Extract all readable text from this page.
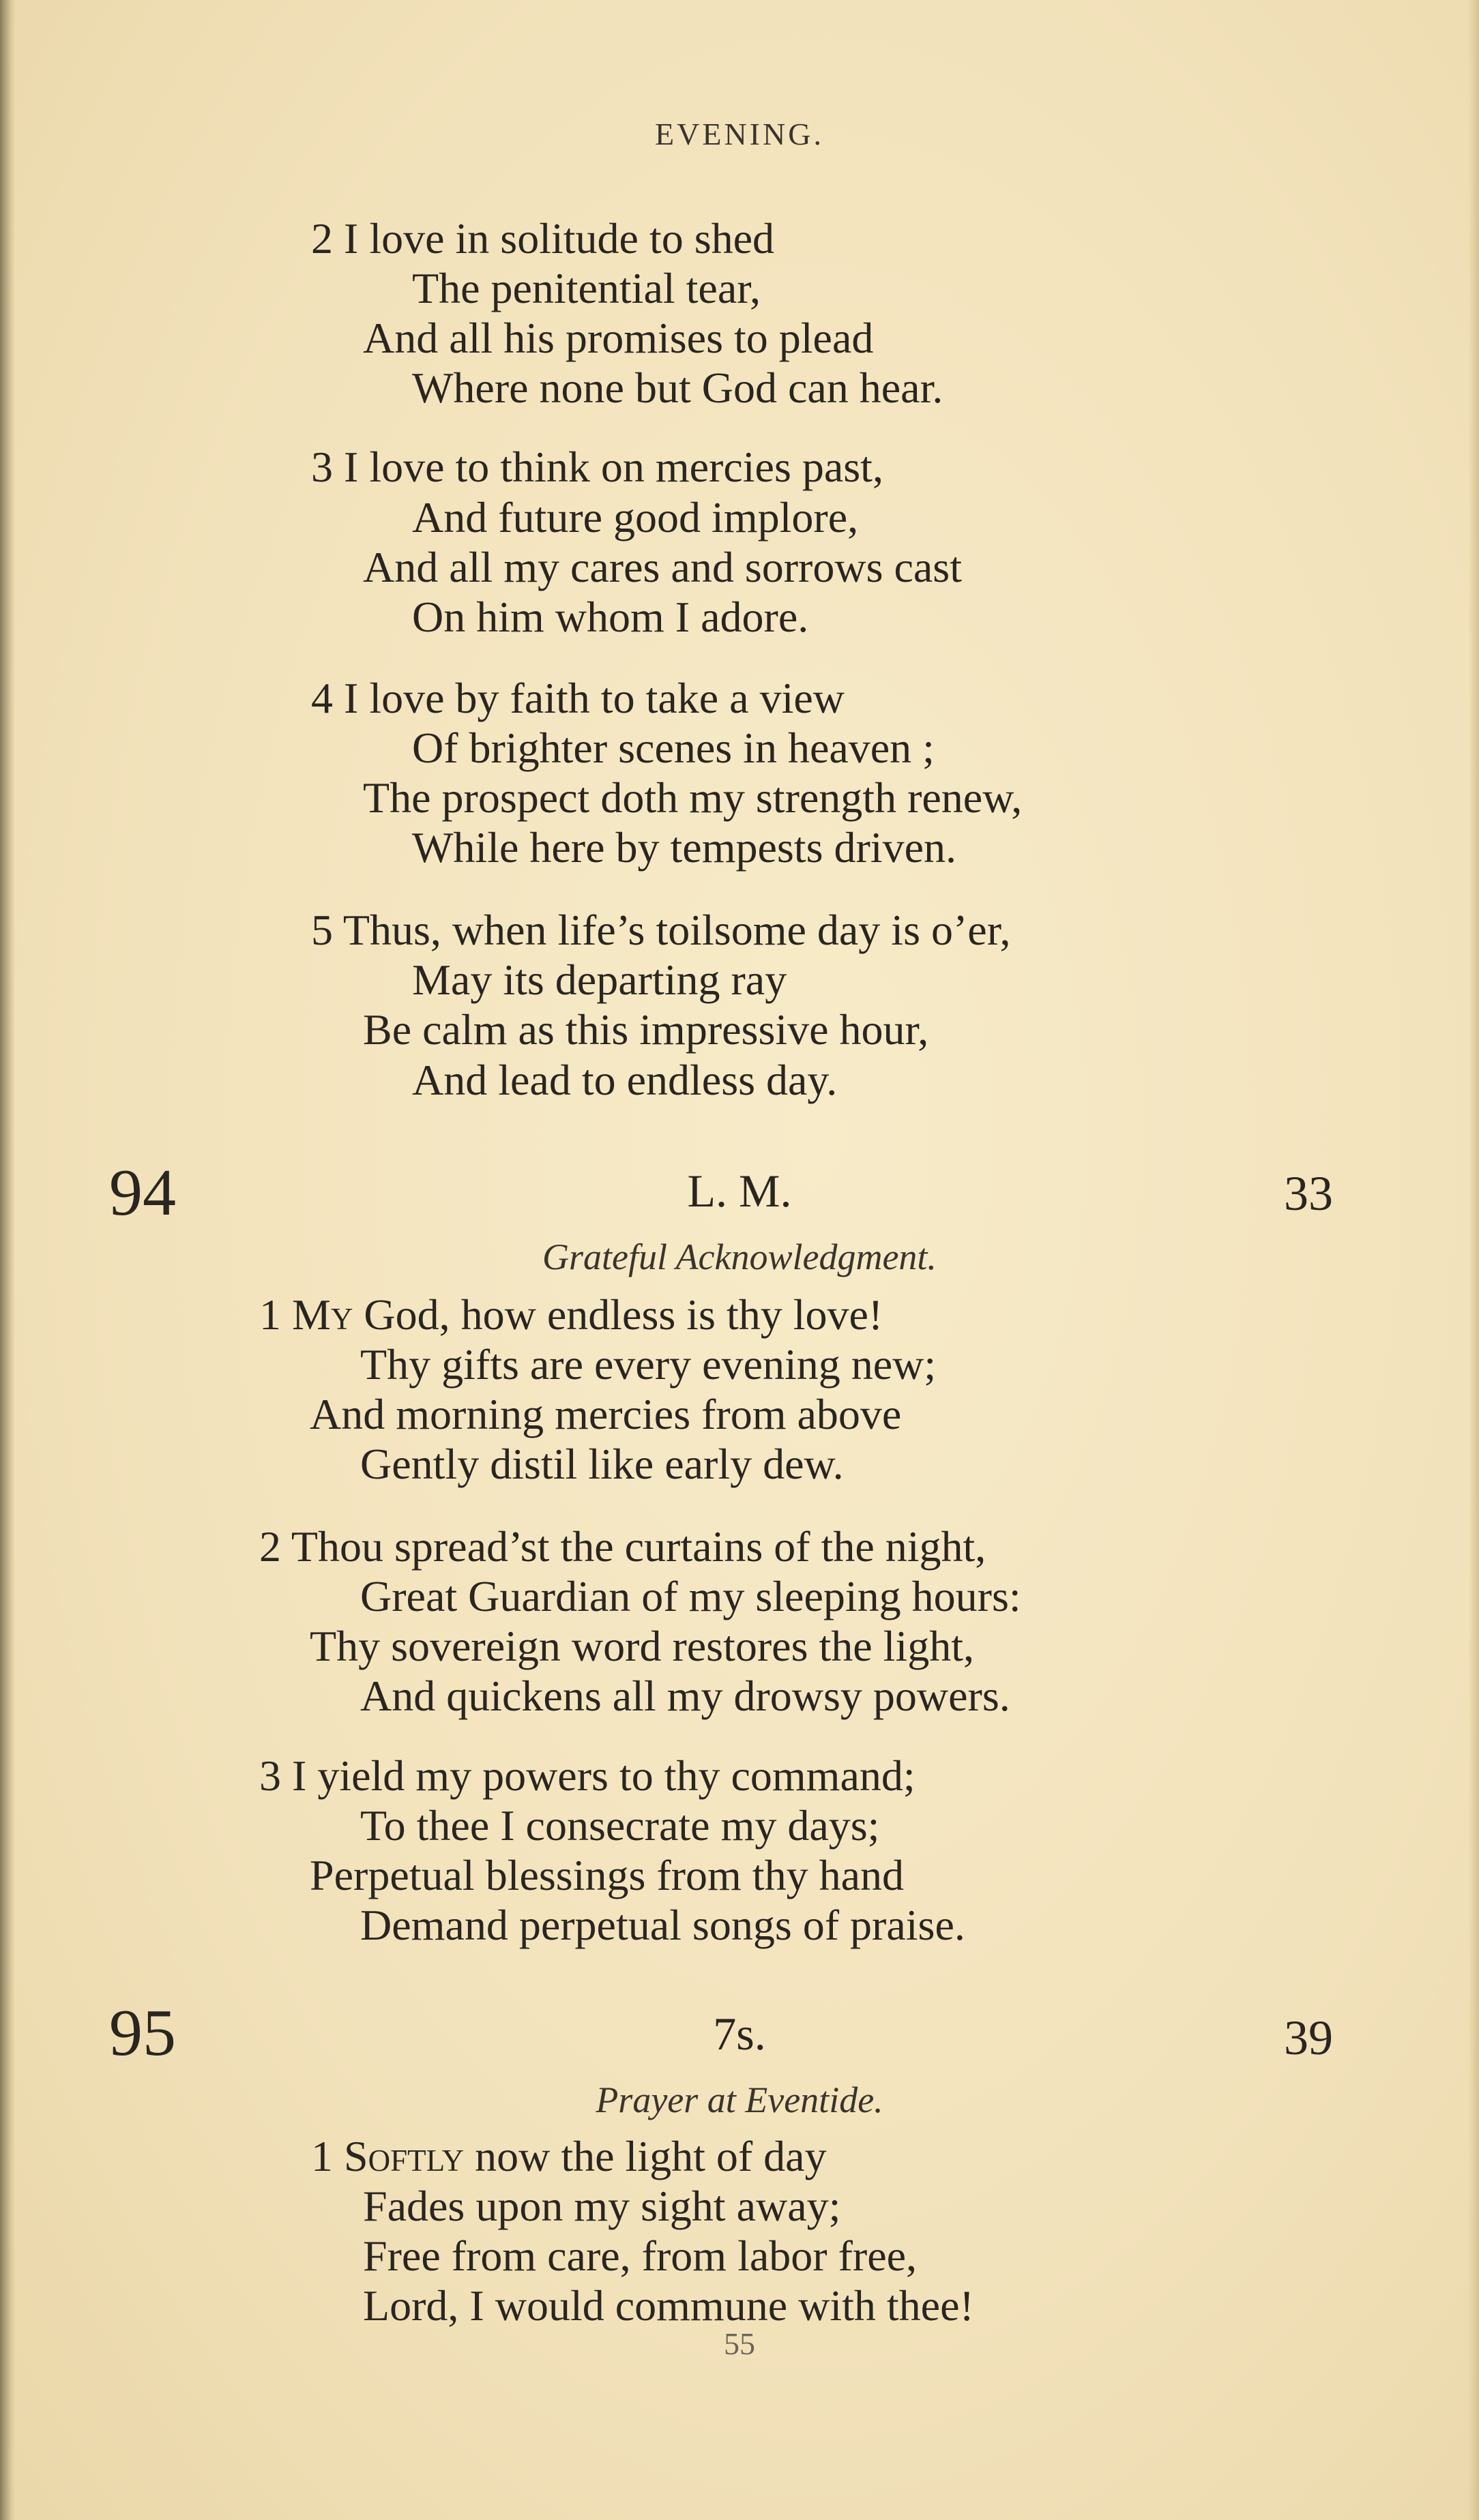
EVENING.
2 I love in solitude to shed
The penitential tear,
And all his promises to plead
Where none but God can hear.
3 I love to think on mercies past,
And future good implore,
And all my cares and sorrows cast
On him whom I adore.
4 I love by faith to take a view
Of brighter scenes in heaven ;
The prospect doth my strength renew,
While here by tempests driven.
5 Thus, when life’s toilsome day is o’er,
May its departing ray
Be calm as this impressive hour,
And lead to endless day.
94	L. M.	33
Grateful Acknowledgment.
1 My God, how endless is thy love!
Thy gifts are every evening new;
And morning mercies from above
Gently distil like early dew.
2 Thou spread’st the curtains of the night,
Great Guardian of my sleeping hours:
Thy sovereign word restores the light,
And quickens all my drowsy powers.
3 I yield my powers to thy command;
To thee I consecrate my days;
Perpetual blessings from thy hand
Demand perpetual songs of praise.
95	7s.	39
Prayer at Eventide.
1 Softly now the light of day
Fades upon my sight away;
Free from care, from labor free,
Lord, I would commune with thee!
55
